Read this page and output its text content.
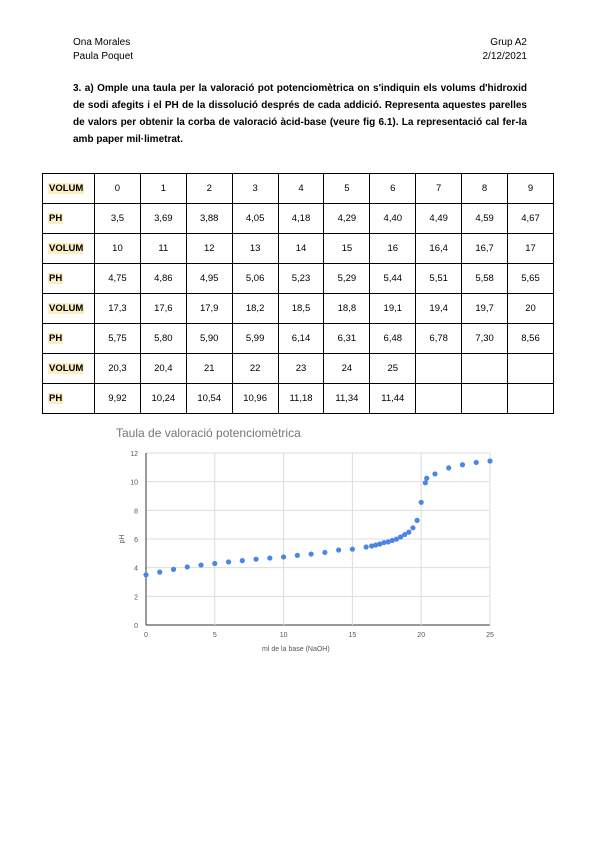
Ona Morales
Paula Poquet
Grup A2
2/12/2021
3. a) Omple una taula per la valoració pot potenciomètrica on s'indiquin els volums d'hidroxid de sodi afegits i el PH de la dissolució després de cada addició. Representa aquestes parelles de valors per obtenir la corba de valoració àcid-base (veure fig 6.1). La representació cal fer-la amb paper mil·limetrat.
VOLUM	0	1	2	3	4	5	6	7	8	9
PH	3,5	3,69	3,88	4,05	4,18	4,29	4,40	4,49	4,59	4,67
VOLUM	10	11	12	13	14	15	16	16,4	16,7	17
PH	4,75	4,86	4,95	5,06	5,23	5,29	5,44	5,51	5,58	5,65
VOLUM	17,3	17,6	17,9	18,2	18,5	18,8	19,1	19,4	19,7	20
PH	5,75	5,80	5,90	5,99	6,14	6,31	6,48	6,78	7,30	8,56
VOLUM	20,3	20,4	21	22	23	24	25			
PH	9,92	10,24	10,54	10,96	11,18	11,34	11,44			
Taula de valoració potenciomètrica
0
2
4
6
8
10
12
0	5	10	15	20	25
ml de la base (NaOH)
pH
